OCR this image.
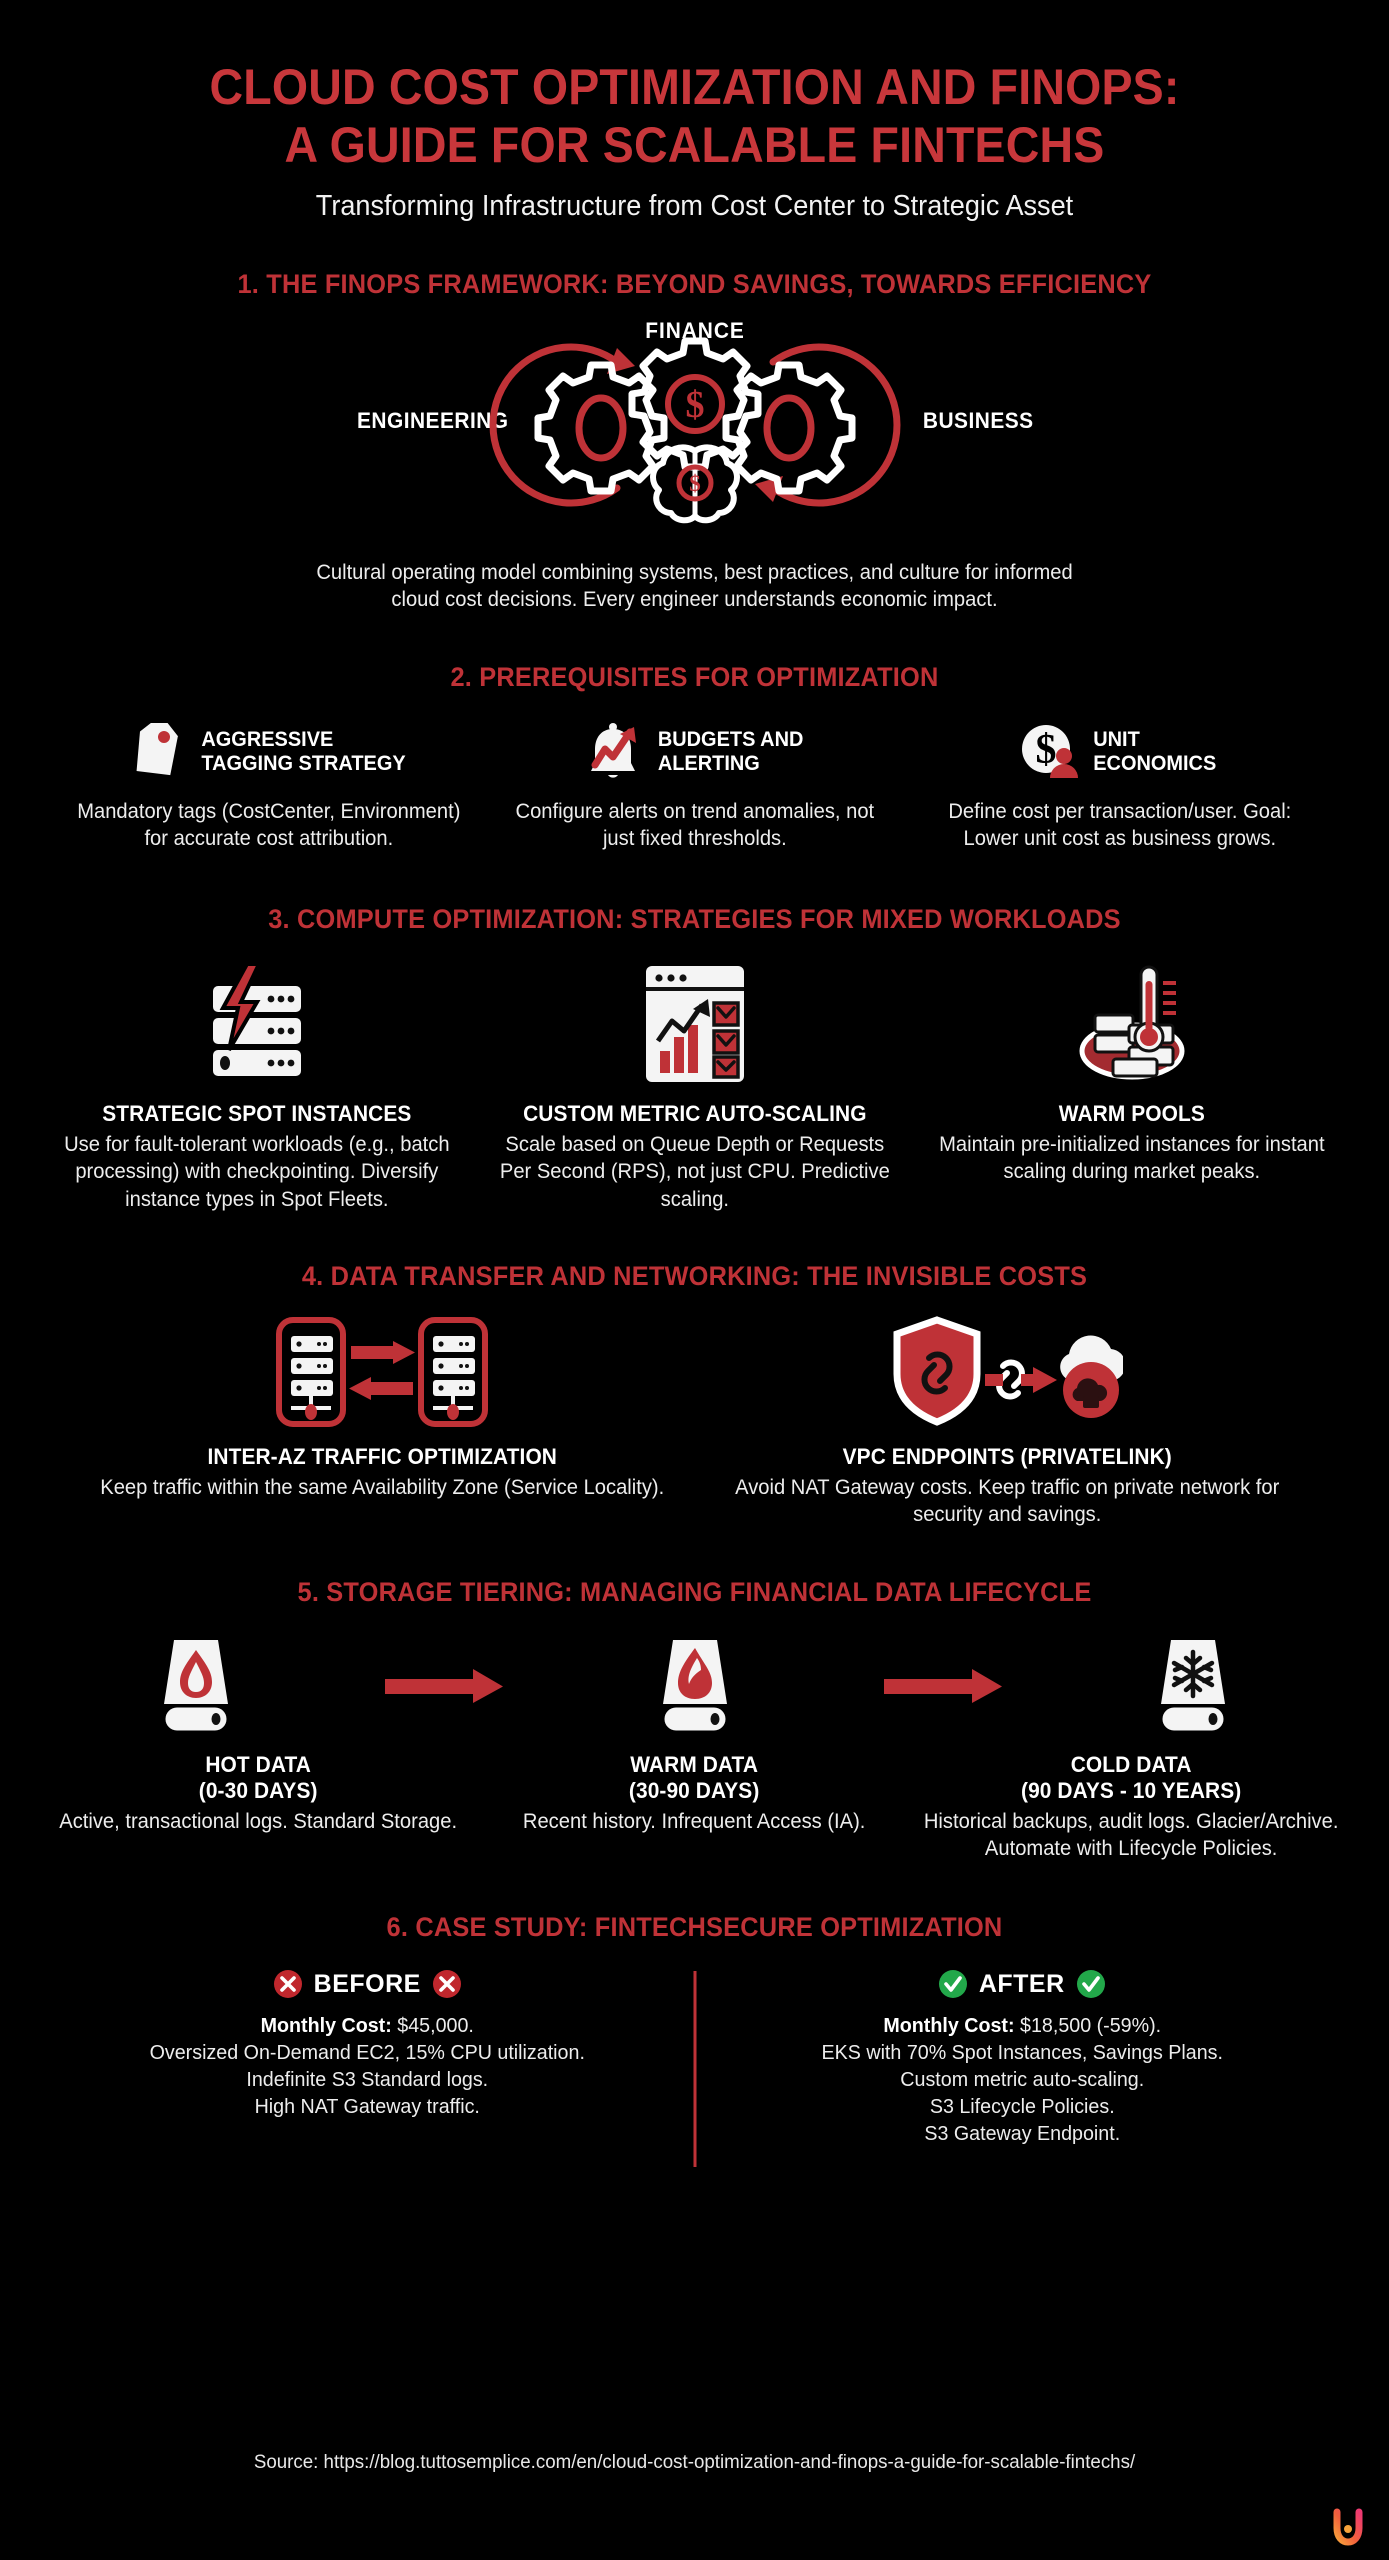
CLOUD COST OPTIMIZATION AND FINOPS:
A GUIDE FOR SCALABLE FINTECHS
Transforming Infrastructure from Cost Center to Strategic Asset
1. THE FINOPS FRAMEWORK: BEYOND SAVINGS, TOWARDS EFFICIENCY
FINANCE
ENGINEERING	BUSINESS
$
$
Cultural operating model combining systems, best practices, and culture for informed
cloud cost decisions. Every engineer understands economic impact.
2. PREREQUISITES FOR OPTIMIZATION
AGGRESSIVE
TAGGING STRATEGY
Mandatory tags (CostCenter, Environment) for accurate cost attribution.
BUDGETS AND
ALERTING
Configure alerts on trend anomalies, not just fixed thresholds.
$ UNIT
ECONOMICS
Define cost per transaction/user. Goal: Lower unit cost as business grows.
3. COMPUTE OPTIMIZATION: STRATEGIES FOR MIXED WORKLOADS
STRATEGIC SPOT INSTANCES
Use for fault-tolerant workloads (e.g., batch processing) with checkpointing. Diversify instance types in Spot Fleets.
CUSTOM METRIC AUTO-SCALING
Scale based on Queue Depth or Requests Per Second (RPS), not just CPU. Predictive scaling.
WARM POOLS
Maintain pre-initialized instances for instant scaling during market peaks.
4. DATA TRANSFER AND NETWORKING: THE INVISIBLE COSTS
INTER-AZ TRAFFIC OPTIMIZATION
Keep traffic within the same Availability Zone (Service Locality).
VPC ENDPOINTS (PRIVATELINK)
Avoid NAT Gateway costs. Keep traffic on private network for security and savings.
5. STORAGE TIERING: MANAGING FINANCIAL DATA LIFECYCLE
HOT DATA
(0-30 DAYS)
Active, transactional logs. Standard Storage.
WARM DATA
(30-90 DAYS)
Recent history. Infrequent Access (IA).
COLD DATA
(90 DAYS - 10 YEARS)
Historical backups, audit logs. Glacier/Archive. Automate with Lifecycle Policies.
6. CASE STUDY: FINTECHSECURE OPTIMIZATION
BEFORE
Monthly Cost: $45,000.
Oversized On-Demand EC2, 15% CPU utilization.
Indefinite S3 Standard logs.
High NAT Gateway traffic.
AFTER
Monthly Cost: $18,500 (-59%).
EKS with 70% Spot Instances, Savings Plans.
Custom metric auto-scaling.
S3 Lifecycle Policies.
S3 Gateway Endpoint.
Source: https://blog.tuttosemplice.com/en/cloud-cost-optimization-and-finops-a-guide-for-scalable-fintechs/
